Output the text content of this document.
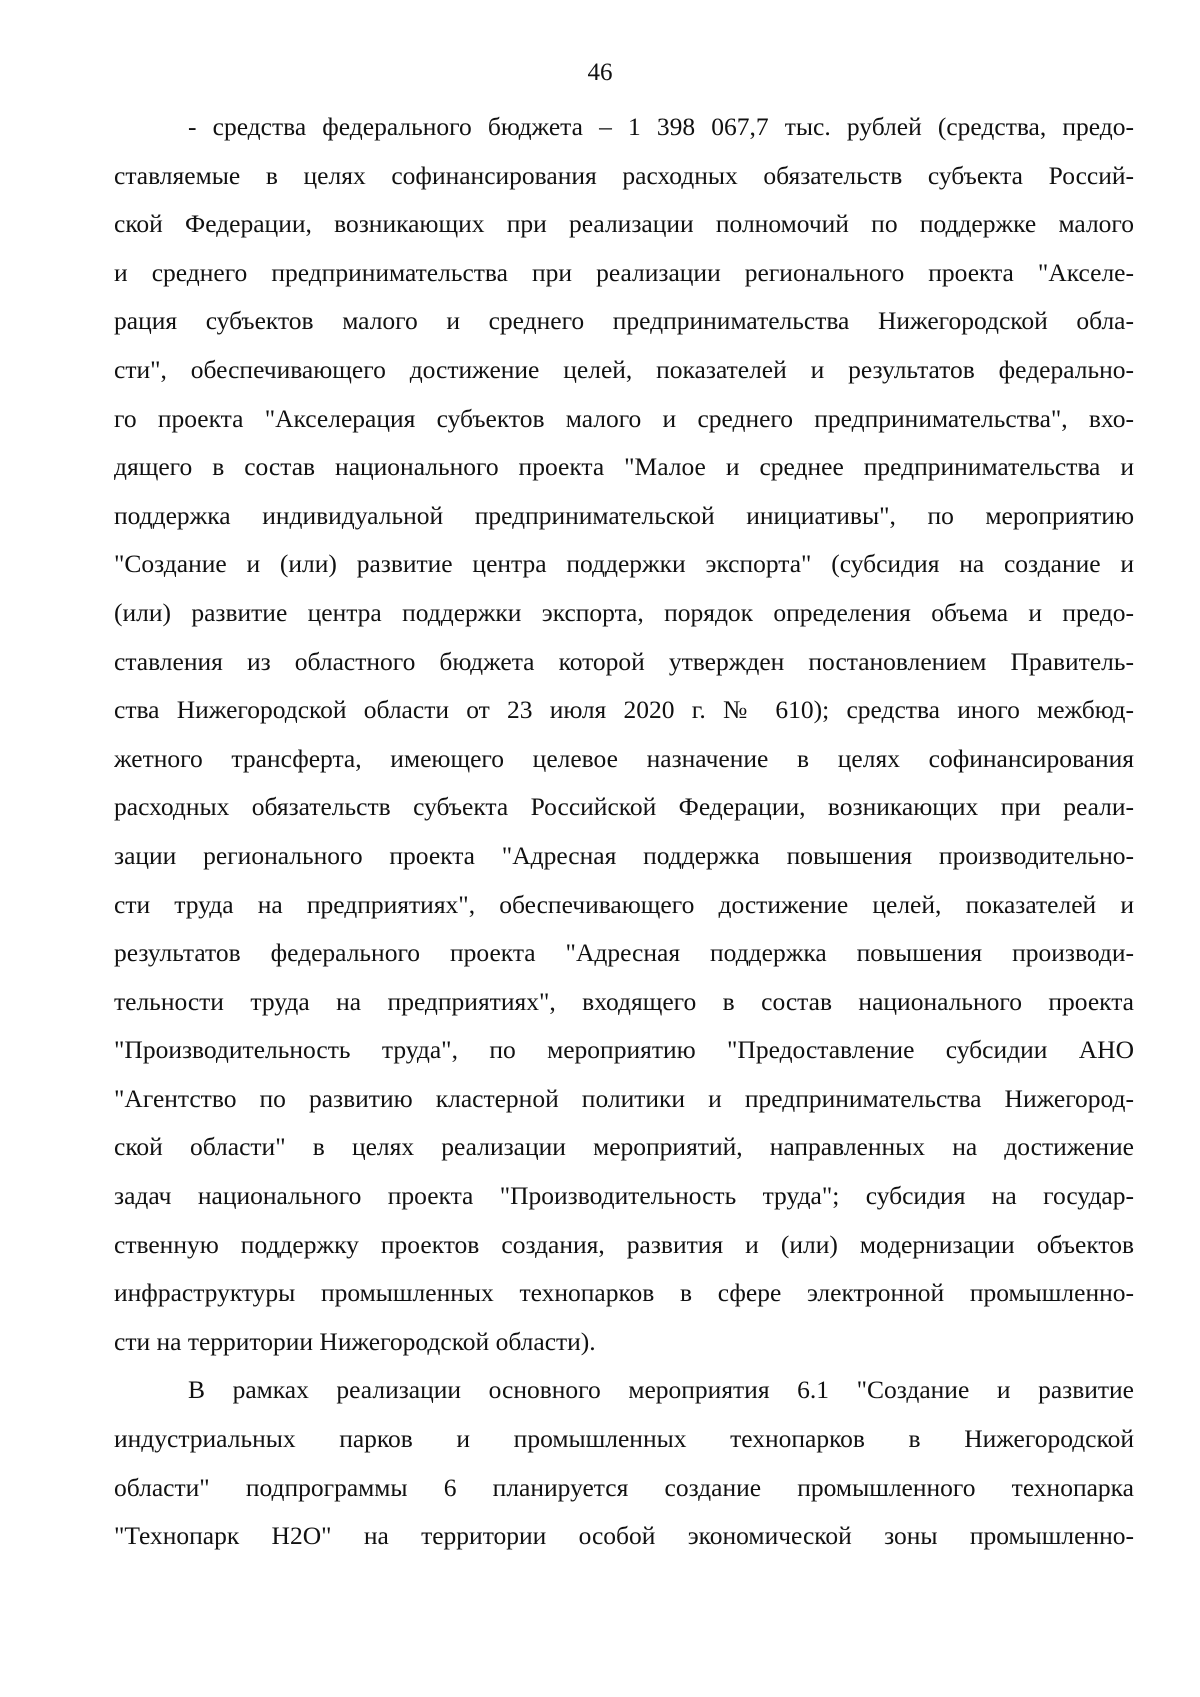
46
- средства федерального бюджета – 1 398 067,7 тыс. рублей (средства, предо-
ставляемые в целях софинансирования расходных обязательств субъекта Россий-
ской Федерации, возникающих при реализации полномочий по поддержке малого
и среднего предпринимательства при реализации регионального проекта "Акселе-
рация субъектов малого и среднего предпринимательства Нижегородской обла-
сти", обеспечивающего достижение целей, показателей и результатов федерально-
го проекта "Акселерация субъектов малого и среднего предпринимательства", вхо-
дящего в состав национального проекта "Малое и среднее предпринимательства и
поддержка индивидуальной предпринимательской инициативы", по мероприятию
"Создание и (или) развитие центра поддержки экспорта" (субсидия на создание и
(или) развитие центра поддержки экспорта, порядок определения объема и предо-
ставления из областного бюджета которой утвержден постановлением Правитель-
ства Нижегородской области от 23 июля 2020 г. № 610); средства иного межбюд-
жетного трансферта, имеющего целевое назначение в целях софинансирования
расходных обязательств субъекта Российской Федерации, возникающих при реали-
зации регионального проекта "Адресная поддержка повышения производительно-
сти труда на предприятиях", обеспечивающего достижение целей, показателей и
результатов федерального проекта "Адресная поддержка повышения производи-
тельности труда на предприятиях", входящего в состав национального проекта
"Производительность труда", по мероприятию "Предоставление субсидии АНО
"Агентство по развитию кластерной политики и предпринимательства Нижегород-
ской области" в целях реализации мероприятий, направленных на достижение
задач национального проекта "Производительность труда"; субсидия на государ-
ственную поддержку проектов создания, развития и (или) модернизации объектов
инфраструктуры промышленных технопарков в сфере электронной промышленно-
сти на территории Нижегородской области).
В рамках реализации основного мероприятия 6.1 "Создание и развитие
индустриальных парков и промышленных технопарков в Нижегородской
области" подпрограммы 6 планируется создание промышленного технопарка
"Технопарк Н2О" на территории особой экономической зоны промышленно-
